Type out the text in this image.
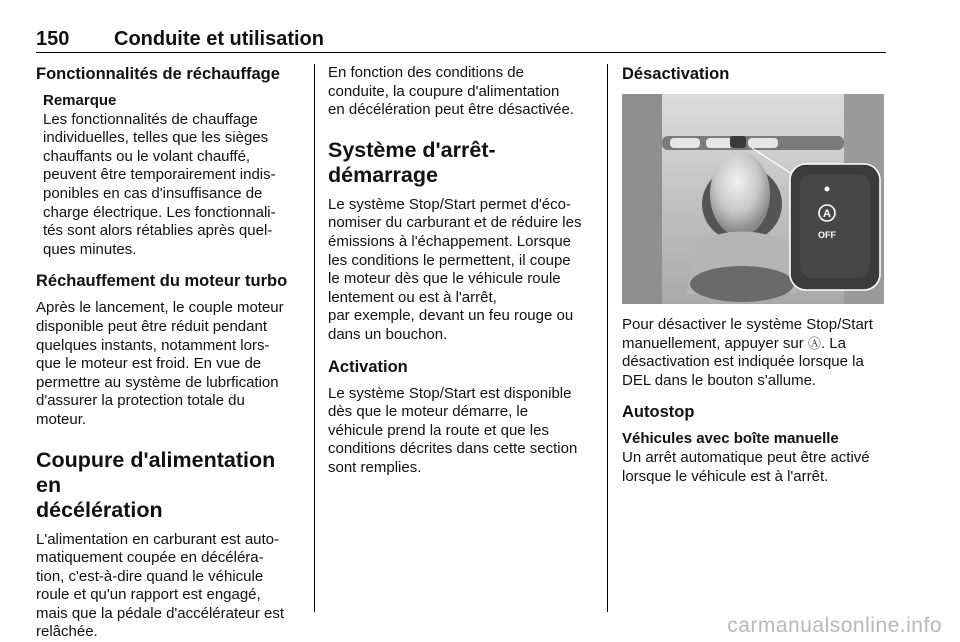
150 Conduite et utilisation

Fonctionnalités de réchauffage

Remarque

Les fonctionnalités de chauffage

individuelles, telles que les sièges

chauffants ou le volant chauffé,

peuvent être temporairement indis-

ponibles en cas d'insuffisance de

charge électrique. Les fonctionnali-

tés sont alors rétablies après quel-

ques minutes.

Réchauffement du moteur turbo

Après le lancement, le couple moteur

disponible peut être réduit pendant

quelques instants, notamment lors-

que le moteur est froid. En vue de

permettre au système de lubrfication

d'assurer la protection totale du

moteur.

Coupure d'alimentation en

décélération

L'alimentation en carburant est auto-

matiquement coupée en décéléra-

tion, c'est-à-dire quand le véhicule

roule et qu'un rapport est engagé,

mais que la pédale d'accélérateur est

relâchée.

En fonction des conditions de

conduite, la coupure d'alimentation

en décélération peut être désactivée.

Système d'arrêt-démarrage

Le système Stop/Start permet d'éco-

nomiser du carburant et de réduire les

émissions à l'échappement. Lorsque

les conditions le permettent, il coupe

le moteur dès que le véhicule roule

lentement ou est à l'arrêt,

par exemple, devant un feu rouge ou

dans un bouchon.

Activation

Le système Stop/Start est disponible

dès que le moteur démarre, le

véhicule prend la route et que les

conditions décrites dans cette section

sont remplies.

Désactivation

A
OFF

Pour désactiver le système Stop/Start

manuellement, appuyer sur Ⓐ. La

désactivation est indiquée lorsque la

DEL dans le bouton s'allume.

Autostop

Véhicules avec boîte manuelle

Un arrêt automatique peut être activé

lorsque le véhicule est à l'arrêt.

carmanualsonline.info
